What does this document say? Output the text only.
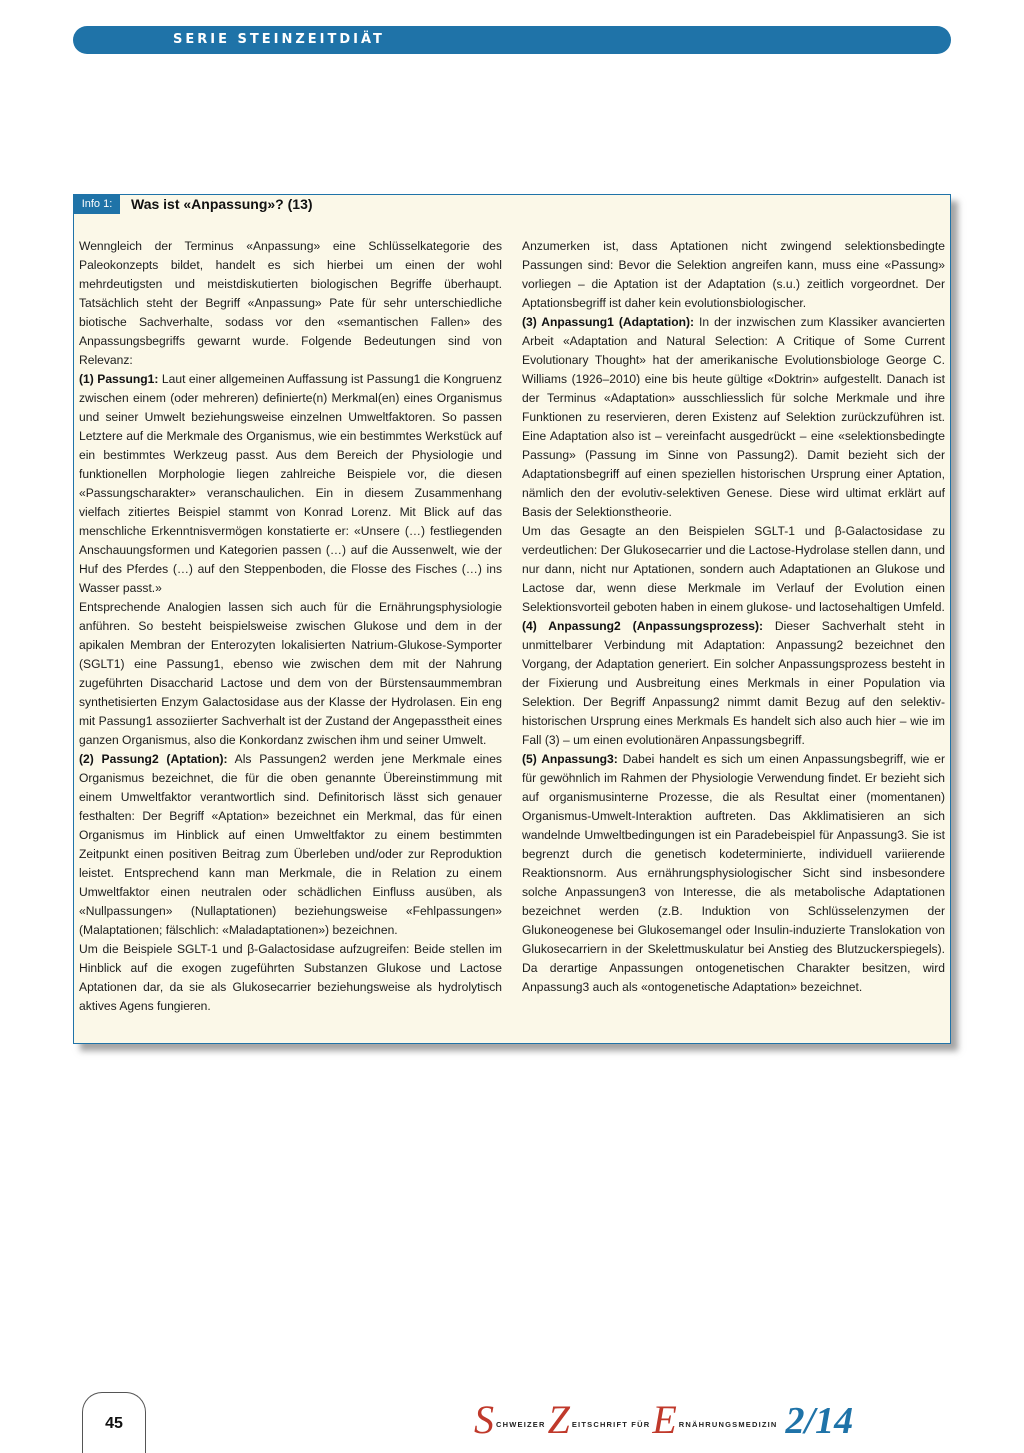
SERIE STEINZEITDIÄT
Info 1:	Was ist «Anpassung»? (13)

Wenngleich der Terminus «Anpassung» eine Schlüsselkategorie des Paleokonzepts bildet, handelt es sich hierbei um einen der wohl mehrdeutigsten und meistdiskutierten biologischen Begriffe überhaupt. Tatsächlich steht der Begriff «Anpassung» Pate für sehr unterschiedliche biotische Sachverhalte, sodass vor den «semantischen Fallen» des Anpassungsbegriffs gewarnt wurde. Folgende Bedeutungen sind von Relevanz:

(1) Passung1: Laut einer allgemeinen Auffassung ist Passung1 die Kongruenz zwischen einem (oder mehreren) definierte(n) Merkmal(en) eines Organismus und seiner Umwelt beziehungsweise einzelnen Umweltfaktoren. So passen Letztere auf die Merkmale des Organismus, wie ein bestimmtes Werkstück auf ein bestimmtes Werkzeug passt. Aus dem Bereich der Physiologie und funktionellen Morphologie liegen zahlreiche Beispiele vor, die diesen «Passungscharakter» veranschaulichen. Ein in diesem Zusammenhang vielfach zitiertes Beispiel stammt von Konrad Lorenz. Mit Blick auf das menschliche Erkenntnisvermögen konstatierte er: «Unsere (…) festliegenden Anschauungsformen und Kategorien passen (…) auf die Aussenwelt, wie der Huf des Pferdes (…) auf den Steppenboden, die Flosse des Fisches (…) ins Wasser passt.»

Entsprechende Analogien lassen sich auch für die Ernährungsphysiologie anführen. So besteht beispielsweise zwischen Glukose und dem in der apikalen Membran der Enterozyten lokalisierten Natrium-Glukose-Symporter (SGLT1) eine Passung1, ebenso wie zwischen dem mit der Nahrung zugeführten Disaccharid Lactose und dem von der Bürstensaummembran synthetisierten Enzym Galactosidase aus der Klasse der Hydrolasen. Ein eng mit Passung1 assoziierter Sachverhalt ist der Zustand der Angepasstheit eines ganzen Organismus, also die Konkordanz zwischen ihm und seiner Umwelt.

(2) Passung2 (Aptation): Als Passungen2 werden jene Merkmale eines Organismus bezeichnet, die für die oben genannte Übereinstimmung mit einem Umweltfaktor verantwortlich sind. Definitorisch lässt sich genauer festhalten: Der Begriff «Aptation» bezeichnet ein Merkmal, das für einen Organismus im Hinblick auf einen Umweltfaktor zu einem bestimmten Zeitpunkt einen positiven Beitrag zum Überleben und/oder zur Reproduktion leistet. Entsprechend kann man Merkmale, die in Relation zu einem Umweltfaktor einen neutralen oder schädlichen Einfluss ausüben, als «Nullpassungen» (Nullaptationen) beziehungsweise «Fehlpassungen» (Malaptationen; fälschlich: «Maladaptationen») bezeichnen.

Um die Beispiele SGLT-1 und β-Galactosidase aufzugreifen: Beide stellen im Hinblick auf die exogen zugeführten Substanzen Glukose und Lactose Aptationen dar, da sie als Glukosecarrier beziehungsweise als hydrolytisch aktives Agens fungieren.

Anzumerken ist, dass Aptationen nicht zwingend selektionsbedingte Passungen sind: Bevor die Selektion angreifen kann, muss eine «Passung» vorliegen – die Aptation ist der Adaptation (s.u.) zeitlich vorgeordnet. Der Aptationsbegriff ist daher kein evolutionsbiologischer.

(3) Anpassung1 (Adaptation): In der inzwischen zum Klassiker avancierten Arbeit «Adaptation and Natural Selection: A Critique of Some Current Evolutionary Thought» hat der amerikanische Evolutionsbiologe George C. Williams (1926–2010) eine bis heute gültige «Doktrin» aufgestellt. Danach ist der Terminus «Adaptation» ausschliesslich für solche Merkmale und ihre Funktionen zu reservieren, deren Existenz auf Selektion zurückzuführen ist. Eine Adaptation also ist – vereinfacht ausgedrückt – eine «selektionsbedingte Passung» (Passung im Sinne von Passung2). Damit bezieht sich der Adaptationsbegriff auf einen speziellen historischen Ursprung einer Aptation, nämlich den der evolutiv-selektiven Genese. Diese wird ultimat erklärt auf Basis der Selektionstheorie.

Um das Gesagte an den Beispielen SGLT-1 und β-Galactosidase zu verdeutlichen: Der Glukosecarrier und die Lactose-Hydrolase stellen dann, und nur dann, nicht nur Aptationen, sondern auch Adaptationen an Glukose und Lactose dar, wenn diese Merkmale im Verlauf der Evolution einen Selektionsvorteil geboten haben in einem glukose- und lactosehaltigen Umfeld.

(4) Anpassung2 (Anpassungsprozess): Dieser Sachverhalt steht in unmittelbarer Verbindung mit Adaptation: Anpassung2 bezeichnet den Vorgang, der Adaptation generiert. Ein solcher Anpassungsprozess besteht in der Fixierung und Ausbreitung eines Merkmals in einer Population via Selektion. Der Begriff Anpassung2 nimmt damit Bezug auf den selektiv-historischen Ursprung eines Merkmals Es handelt sich also auch hier – wie im Fall (3) – um einen evolutionären Anpassungsbegriff.

(5) Anpassung3: Dabei handelt es sich um einen Anpassungsbegriff, wie er für gewöhnlich im Rahmen der Physiologie Verwendung findet. Er bezieht sich auf organismusinterne Prozesse, die als Resultat einer (momentanen) Organismus-Umwelt-Interaktion auftreten. Das Akklimatisieren an sich wandelnde Umweltbedingungen ist ein Paradebeispiel für Anpassung3. Sie ist begrenzt durch die genetisch kodeterminierte, individuell variierende Reaktionsnorm. Aus ernährungsphysiologischer Sicht sind insbesondere solche Anpassungen3 von Interesse, die als metabolische Adaptationen bezeichnet werden (z.B. Induktion von Schlüsselenzymen der Glukoneogenese bei Glukosemangel oder Insulin-induzierte Translokation von Glukosecarriern in der Skelettmuskulatur bei Anstieg des Blutzuckerspiegels). Da derartige Anpassungen ontogenetischen Charakter besitzen, wird Anpassung3 auch als «ontogenetische Adaptation» bezeichnet.

45	S $^{CHWEIZER}$Z $^{EITSCHRIFT FÜR}$E $^{RNÄHRUNGSMEDIZIN}$ 2/14
